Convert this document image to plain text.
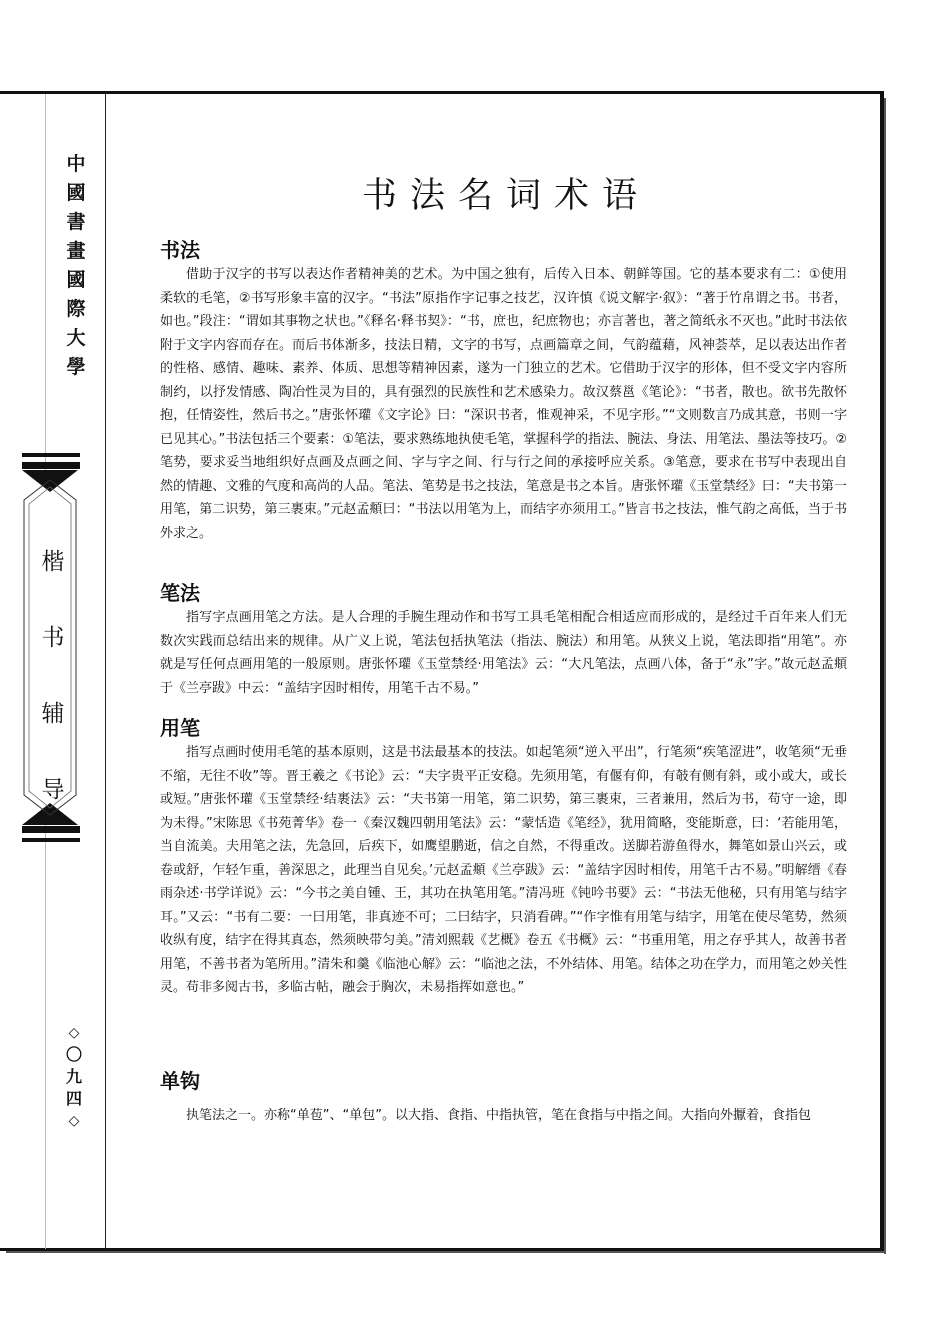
中
國
書
畫
國
際
大
學
楷
书
辅
导
◇
〇
九
四
◇
书法名词术语
书法

借助于汉字的书写以表达作者精神美的艺术。为中国之独有，后传入日本、朝鲜等国。它的基本要求有二：①使用柔软的毛笔，②书写形象丰富的汉字。“书法”原指作字记事之技艺，汉许慎《说文解字·叙》：“著于竹帛谓之书。书者，如也。”段注：“谓如其事物之状也。”《释名·释书契》：“书，庶也，纪庶物也；亦言著也，著之简纸永不灭也。”此时书法依附于文字内容而存在。而后书体渐多，技法日精，文字的书写，点画篇章之间，气韵蕴藉，风神荟萃，足以表达出作者的性格、感情、趣味、素养、体质、思想等精神因素，遂为一门独立的艺术。它借助于汉字的形体，但不受文字内容所制约，以抒发情感、陶冶性灵为目的，具有强烈的民族性和艺术感染力。故汉蔡邕《笔论》：“书者，散也。欲书先散怀抱，任情姿性，然后书之。”唐张怀瓘《文字论》曰：“深识书者，惟观神采，不见字形。”“文则数言乃成其意，书则一字已见其心。”书法包括三个要素：①笔法，要求熟练地执使毛笔，掌握科学的指法、腕法、身法、用笔法、墨法等技巧。②笔势，要求妥当地组织好点画及点画之间、字与字之间、行与行之间的承接呼应关系。③笔意，要求在书写中表现出自然的情趣、文雅的气度和高尚的人品。笔法、笔势是书之技法，笔意是书之本旨。唐张怀瓘《玉堂禁经》曰：“夫书第一用笔，第二识势，第三裹束。”元赵孟頫曰：“书法以用笔为上，而结字亦须用工。”皆言书之技法，惟气韵之高低，当于书外求之。

笔法

指写字点画用笔之方法。是人合理的手腕生理动作和书写工具毛笔相配合相适应而形成的，是经过千百年来人们无数次实践而总结出来的规律。从广义上说，笔法包括执笔法（指法、腕法）和用笔。从狭义上说，笔法即指“用笔”。亦就是写任何点画用笔的一般原则。唐张怀瓘《玉堂禁经·用笔法》云：“大凡笔法，点画八体，备于“永”字。”故元赵孟頫于《兰亭跋》中云：“盖结字因时相传，用笔千古不易。”

用笔

指写点画时使用毛笔的基本原则，这是书法最基本的技法。如起笔须“逆入平出”，行笔须“疾笔涩进”，收笔须“无垂不缩，无往不收”等。晋王羲之《书论》云：“夫字贵平正安稳。先须用笔，有偃有仰，有攲有侧有斜，或小或大，或长或短。”唐张怀瓘《玉堂禁经·结裹法》云：“夫书第一用笔，第二识势，第三裹束，三者兼用，然后为书，苟守一途，即为未得。”宋陈思《书苑菁华》卷一《秦汉魏四朝用笔法》云：“蒙恬造《笔经》，犹用简略，变能斯意，曰：‘若能用笔，当自流美。夫用笔之法，先急回，后疾下，如鹰望鹏逝，信之自然，不得重改。送脚若游鱼得水，舞笔如景山兴云，或卷或舒，乍轻乍重，善深思之，此理当自见矣。’元赵孟頫《兰亭跋》云：“盖结字因时相传，用笔千古不易。”明解缙《春雨杂述·书学详说》云：“今书之美自锺、王，其功在执笔用笔。”清冯班《钝吟书要》云：“书法无他秘，只有用笔与结字耳。”又云：“书有二要：一曰用笔，非真迹不可；二曰结字，只消看碑。”“作字惟有用笔与结字，用笔在使尽笔势，然须收纵有度，结字在得其真态，然须映带匀美。”清刘熙载《艺概》卷五《书概》云：“书重用笔，用之存乎其人，故善书者用笔，不善书者为笔所用。”清朱和羹《临池心解》云：“临池之法，不外结体、用笔。结体之功在学力，而用笔之妙关性灵。苟非多阅古书，多临古帖，融会于胸次，未易指挥如意也。”

单钩

执笔法之一。亦称“单苞”、“单包”。以大指、食指、中指执管，笔在食指与中指之间。大指向外擫着，食指包
